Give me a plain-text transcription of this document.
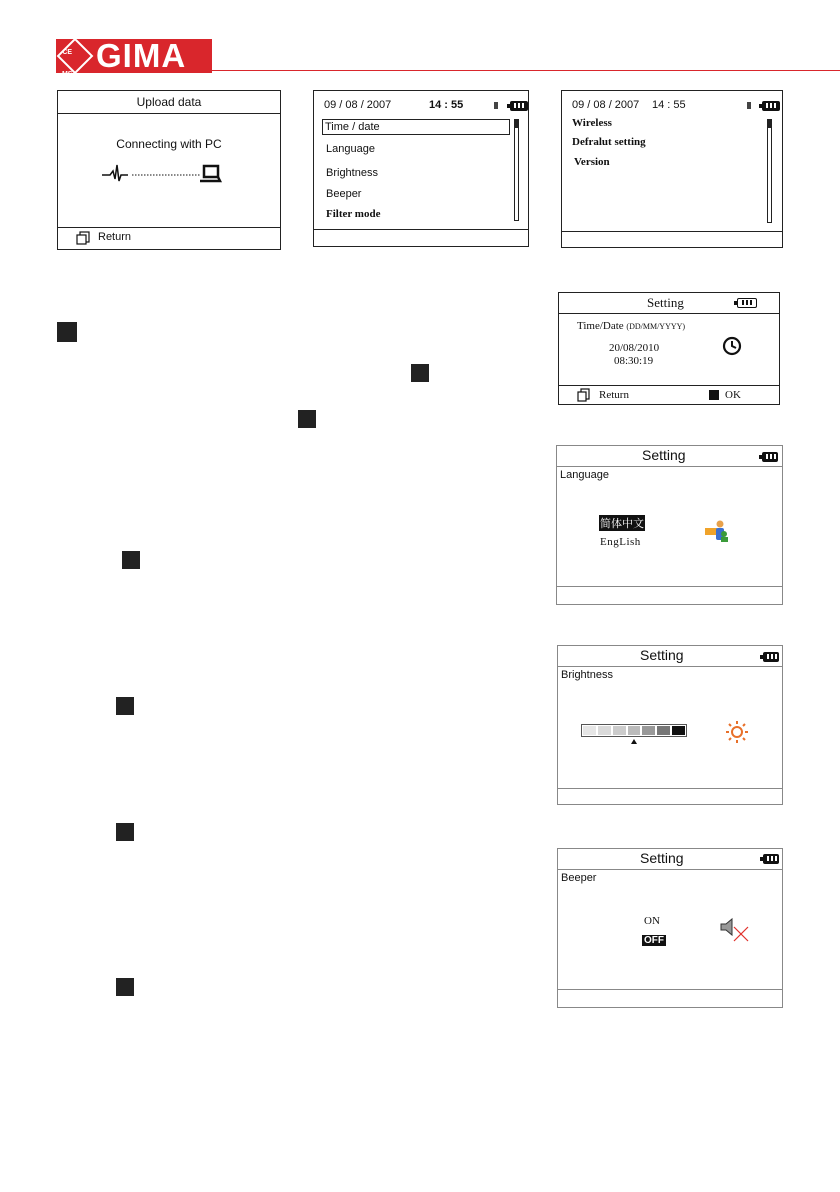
CE MS
GIMA
Upload data
Connecting with PC
Return
09 / 08 / 2007	14 : 55
Time / date
Language
Brightness
Beeper
Filter mode
09 / 08 / 2007 14 : 55
Wireless
Defralut setting
Version
Setting
Time/Date (DD/MM/YYYY)
20/08/2010
08:30:19
Return	OK
Setting
Language
简体中文
EngLish
Setting
Brightness
Setting
Beeper
ON
OFF
